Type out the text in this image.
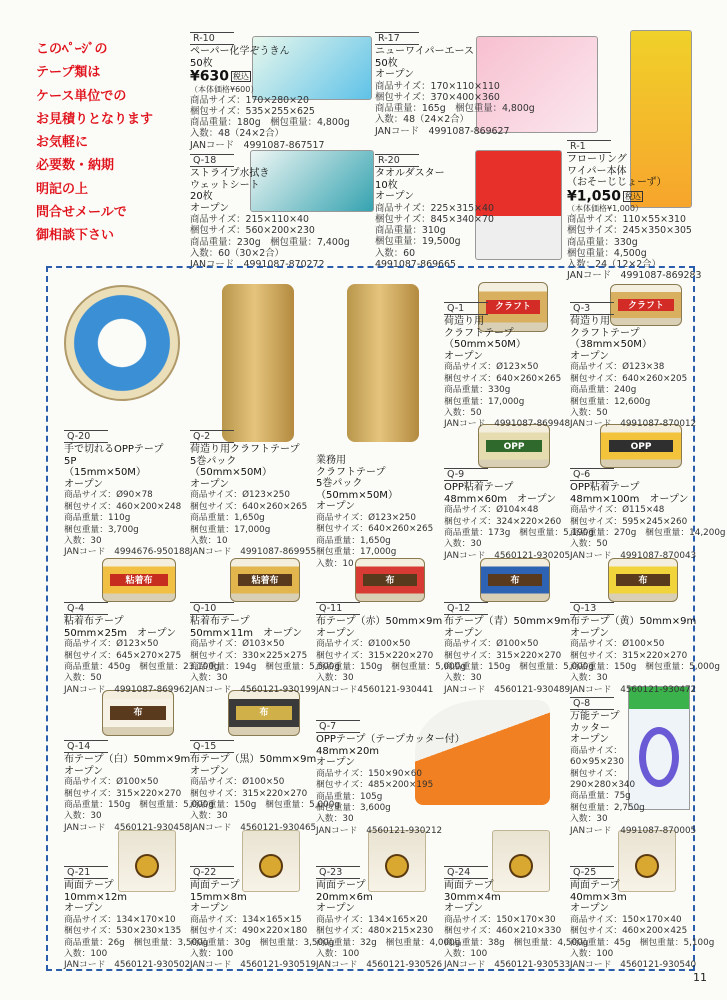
このﾍﾟｰｼﾞの
テープ類は
ケース単位での
お見積りとなります
お気軽に
必要数・納期
明記の上
問合せメールで
御相談下さい
R-10
ペーパー化学ぞうきん
50枚
¥630 税込
（本体価格¥600）
商品サイズ：170×280×20
梱包サイズ：535×255×625
商品重量：180g　梱包重量：4,800g
入数：48（24×2合）
JANコード　4991087-867517
R-17
ニューワイパーエース
50枚
オープン
商品サイズ：170×110×110
梱包サイズ：370×400×360
商品重量：165g　梱包重量：4,800g
入数：48（24×2合）
JANコード　4991087-869627
Q-18
ストライプ水拭き
ウェットシート
20枚
オープン
商品サイズ：215×110×40
梱包サイズ：560×200×230
商品重量：230g　梱包重量：7,400g
入数：60（30×2合）
JANコード　4991087-870272
R-20
タオルダスター
10枚
オープン
商品サイズ：225×315×40
梱包サイズ：845×340×70
商品重量：310g
梱包重量：19,500g
入数：60
4991087-869665
R-1
フローリング
ワイパー本体
（おそーじじょーず）
¥1,050 税込
（本体価格¥1,000）
商品サイズ：110×55×310
梱包サイズ：245×350×305
商品重量：330g
梱包重量：4,500g
入数：24（12×2合）
JANコード　4991087-869283
クラフト	クラフト
OPP	OPP
粘着布	粘着布	布	布	布
布	布
Q-20
手で切れるOPPテープ
5P
（15mm×50M）
オープン
商品サイズ：Ø90×78
梱包サイズ：460×200×248
商品重量：110g
梱包重量：3,700g
入数：30
JANコード　4994676-950188
Q-2
荷造り用クラフトテープ
5巻パック
（50mm×50M）
オープン
商品サイズ：Ø123×250
梱包サイズ：640×260×265
商品重量：1,650g
梱包重量：17,000g
入数：10
JANコード　4991087-869955
業務用
クラフトテープ
5巻パック
（50mm×50M）
オープン
商品サイズ：Ø123×250
梱包サイズ：640×260×265
商品重量：1,650g
梱包重量：17,000g
入数：10
Q-1
荷造り用
クラフトテープ
（50mm×50M）
オープン
商品サイズ：Ø123×50
梱包サイズ：640×260×265
商品重量：330g
梱包重量：17,000g
入数：50
JANコード　4991087-869948
Q-3
荷造り用
クラフトテープ
（38mm×50M）
オープン
商品サイズ：Ø123×38
梱包サイズ：640×260×205
商品重量：240g
梱包重量：12,600g
入数：50
JANコード　4991087-870012
Q-9
OPP粘着テープ
48mm×60m　オープン
商品サイズ：Ø104×48
梱包サイズ：324×220×260
商品重量：173g　梱包重量：5,190g
入数：30
JANコード　4560121-930205
Q-6
OPP粘着テープ
48mm×100m　オープン
商品サイズ：Ø115×48
梱包サイズ：595×245×260
商品重量：270g　梱包重量：14,200g
入数：50
JANコード　4991087-870043
Q-4
粘着布テープ
50mm×25m　オープン
商品サイズ：Ø123×50
梱包サイズ：645×270×275
商品重量：450g　梱包重量：23,100g
入数：50
JANコード　4991087-869962
Q-10
粘着布テープ
50mm×11m　オープン
商品サイズ：Ø103×50
梱包サイズ：330×225×275
商品重量：194g　梱包重量：5,500g
入数：30
JANコード　4560121-930199
Q-11
布テープ（赤）50mm×9m
オープン
商品サイズ：Ø100×50
梱包サイズ：315×220×270
商品重量：150g　梱包重量：5,000g
入数：30
JANコード4560121-930441
Q-12
布テープ（青）50mm×9m
オープン
商品サイズ：Ø100×50
梱包サイズ：315×220×270
商品重量：150g　梱包重量：5,000g
入数：30
JANコード　4560121-930489
Q-13
布テープ（黄）50mm×9m
オープン
商品サイズ：Ø100×50
梱包サイズ：315×220×270
商品重量：150g　梱包重量：5,000g
入数：30
JANコード　4560121-930472
Q-14
布テープ（白）50mm×9m
オープン
商品サイズ：Ø100×50
梱包サイズ：315×220×270
商品重量：150g　梱包重量：5,000g
入数：30
JANコード　4560121-930458
Q-15
布テープ（黒）50mm×9m
オープン
商品サイズ：Ø100×50
梱包サイズ：315×220×270
商品重量：150g　梱包重量：5,000g
入数：30
JANコード　4560121-930465
Q-7
OPPテープ（テープカッター付）
48mm×20m
オープン
商品サイズ：150×90×60
梱包サイズ：485×200×195
商品重量：105g
梱包重量：3,600g
入数：30
JANコード　4560121-930212
Q-8
万能テープ
カッター
オープン
商品サイズ：
60×95×230
梱包サイズ：
290×280×340
商品重量：75g
梱包重量：2,750g
入数：30
JANコード　4991087-870005
Q-21
両面テープ
10mm×12m
オープン
商品サイズ：134×170×10
梱包サイズ：530×230×135
商品重量：26g　梱包重量：3,500g
入数：100
JANコード　4560121-930502
Q-22
両面テープ
15mm×8m
オープン
商品サイズ：134×165×15
梱包サイズ：490×220×180
商品重量：30g　梱包重量：3,500g
入数：100
JANコード　4560121-930519
Q-23
両面テープ
20mm×6m
オープン
商品サイズ：134×165×20
梱包サイズ：480×215×230
商品重量：32g　梱包重量：4,000g
入数：100
JANコード　4560121-930526
Q-24
両面テープ
30mm×4m
オープン
商品サイズ：150×170×30
梱包サイズ：460×210×330
商品重量：38g　梱包重量：4,500g
入数：100
JANコード　4560121-930533
Q-25
両面テープ
40mm×3m
オープン
商品サイズ：150×170×40
梱包サイズ：460×200×425
商品重量：45g　梱包重量：5,100g
入数：100
JANコード　4560121-930540
11
